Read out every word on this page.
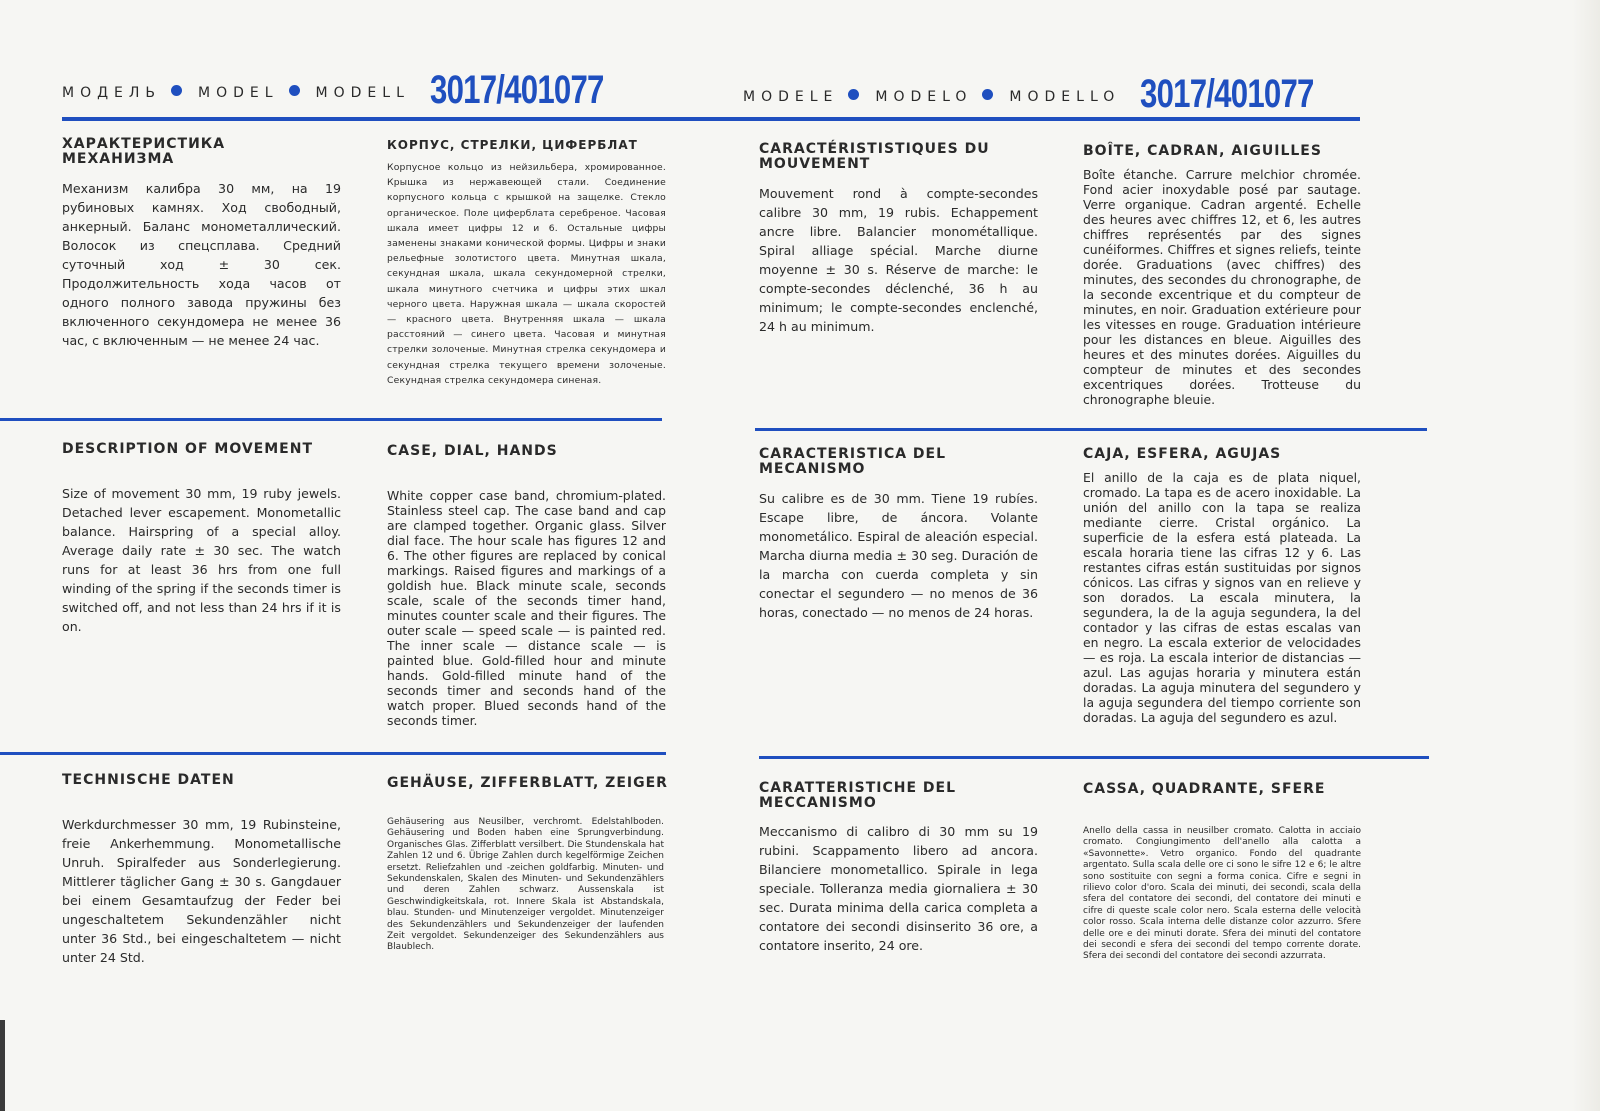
МОДЕЛЬ	MODEL	MODELL 3017/401077	MODELE	MODELO	MODELLO 3017/401077
ХАРАКТЕРИСТИКА
МЕХАНИЗМА
Механизм калибра 30 мм, на 19 рубиновых камнях. Ход свободный, анкерный. Баланс монометаллический. Волосок из спецсплава. Средний суточный ход ± 30 сек. Продолжительность хода часов от одного полного завода пружины без включенного секундомера не менее 36 час, с включенным — не менее 24 час.
КОРПУС, СТРЕЛКИ, ЦИФЕРБЛАТ
Корпусное кольцо из нейзильбера, хромированное. Крышка из нержавеющей стали. Соединение корпусного кольца с крышкой на защелке. Стекло органическое. Поле циферблата серебреное. Часовая шкала имеет цифры 12 и 6. Остальные цифры заменены знаками конической формы. Цифры и знаки рельефные золотистого цвета. Минутная шкала, секундная шкала, шкала секундомерной стрелки, шкала минутного счетчика и цифры этих шкал черного цвета. Наружная шкала — шкала скоростей — красного цвета. Внутренняя шкала — шкала расстояний — синего цвета. Часовая и минутная стрелки золоченые. Минутная стрелка секундомера и секундная стрелка текущего времени золоченые. Секундная стрелка секундомера синеная.
CARACTÉRISTISTIQUES DU
MOUVEMENT
Mouvement rond à compte-secondes calibre 30 mm, 19 rubis. Echappement ancre libre. Balancier monométallique. Spiral alliage spécial. Marche diurne moyenne ± 30 s. Réserve de marche: le compte-secondes déclenché, 36 h au minimum; le compte-secondes enclenché, 24 h au minimum.
BOÎTE, CADRAN, AIGUILLES
Boîte étanche. Carrure melchior chromée. Fond acier inoxydable posé par sautage. Verre organique. Cadran argenté. Echelle des heures avec chiffres 12, et 6, les autres chiffres représentés par des signes cunéiformes. Chiffres et signes reliefs, teinte dorée. Graduations (avec chiffres) des minutes, des secondes du chronographe, de la seconde excentrique et du compteur de minutes, en noir. Graduation extérieure pour les vitesses en rouge. Graduation intérieure pour les distances en bleue. Aiguilles des heures et des minutes dorées. Aiguilles du compteur de minutes et des secondes excentriques dorées. Trotteuse du chronographe bleuie.
DESCRIPTION OF MOVEMENT
Size of movement 30 mm, 19 ruby jewels. Detached lever escapement. Monometallic balance. Hairspring of a special alloy. Average daily rate ± 30 sec. The watch runs for at least 36 hrs from one full winding of the spring if the seconds timer is switched off, and not less than 24 hrs if it is on.
CASE, DIAL, HANDS
White copper case band, chromium-plated. Stainless steel cap. The case band and cap are clamped together. Organic glass. Silver dial face. The hour scale has figures 12 and 6. The other figures are replaced by conical markings. Raised figures and markings of a goldish hue. Black minute scale, seconds scale, scale of the seconds timer hand, minutes counter scale and their figures. The outer scale — speed scale — is painted red. The inner scale — distance scale — is painted blue. Gold-filled hour and minute hands. Gold-filled minute hand of the seconds timer and seconds hand of the watch proper. Blued seconds hand of the seconds timer.
CARACTERISTICA DEL
MECANISMO
Su calibre es de 30 mm. Tiene 19 rubíes. Escape libre, de áncora. Volante monometálico. Espiral de aleación especial. Marcha diurna media ± 30 seg. Duración de la marcha con cuerda completa y sin conectar el segundero — no menos de 36 horas, conectado — no menos de 24 horas.
CAJA, ESFERA, AGUJAS
El anillo de la caja es de plata niquel, cromado. La tapa es de acero inoxidable. La unión del anillo con la tapa se realiza mediante cierre. Cristal orgánico. La superficie de la esfera está plateada. La escala horaria tiene las cifras 12 y 6. Las restantes cifras están sustituidas por signos cónicos. Las cifras y signos van en relieve y son dorados. La escala minutera, la segundera, la de la aguja segundera, la del contador y las cifras de estas escalas van en negro. La escala exterior de velocidades — es roja. La escala interior de distancias — azul. Las agujas horaria y minutera están doradas. La aguja minutera del segundero y la aguja segundera del tiempo corriente son doradas. La aguja del segundero es azul.
TECHNISCHE DATEN
Werkdurchmesser 30 mm, 19 Rubinsteine, freie Ankerhemmung. Monometallische Unruh. Spiralfeder aus Sonderlegierung. Mittlerer täglicher Gang ± 30 s. Gangdauer bei einem Gesamtaufzug der Feder bei ungeschaltetem Sekundenzähler nicht unter 36 Std., bei eingeschaltetem — nicht unter 24 Std.
GEHÄUSE, ZIFFERBLATT, ZEIGER
Gehäusering aus Neusilber, verchromt. Edelstahlboden. Gehäusering und Boden haben eine Sprungverbindung. Organisches Glas. Zifferblatt versilbert. Die Stundenskala hat Zahlen 12 und 6. Übrige Zahlen durch kegelförmige Zeichen ersetzt. Reliefzahlen und -zeichen goldfarbig. Minuten- und Sekundenskalen, Skalen des Minuten- und Sekundenzählers und deren Zahlen schwarz. Aussenskala ist Geschwindigkeitskala, rot. Innere Skala ist Abstandskala, blau. Stunden- und Minutenzeiger vergoldet. Minutenzeiger des Sekundenzählers und Sekundenzeiger der laufenden Zeit vergoldet. Sekundenzeiger des Sekundenzählers aus Blaublech.
CARATTERISTICHE DEL
MECCANISMO
Meccanismo di calibro di 30 mm su 19 rubini. Scappamento libero ad ancora. Bilanciere monometallico. Spirale in lega speciale. Tolleranza media giornaliera ± 30 sec. Durata minima della carica completa a contatore dei secondi disinserito 36 ore, a contatore inserito, 24 ore.
CASSA, QUADRANTE, SFERE
Anello della cassa in neusilber cromato. Calotta in acciaio cromato. Congiungimento dell'anello alla calotta a «Savonnette». Vetro organico. Fondo del quadrante argentato. Sulla scala delle ore ci sono le sifre 12 e 6; le altre sono sostituite con segni a forma conica. Cifre e segni in rilievo color d'oro. Scala dei minuti, dei secondi, scala della sfera del contatore dei secondi, del contatore dei minuti e cifre di queste scale color nero. Scala esterna delle velocità color rosso. Scala interna delle distanze color azzurro. Sfere delle ore e dei minuti dorate. Sfera dei minuti del contatore dei secondi e sfera dei secondi del tempo corrente dorate. Sfera dei secondi del contatore dei secondi azzurrata.
